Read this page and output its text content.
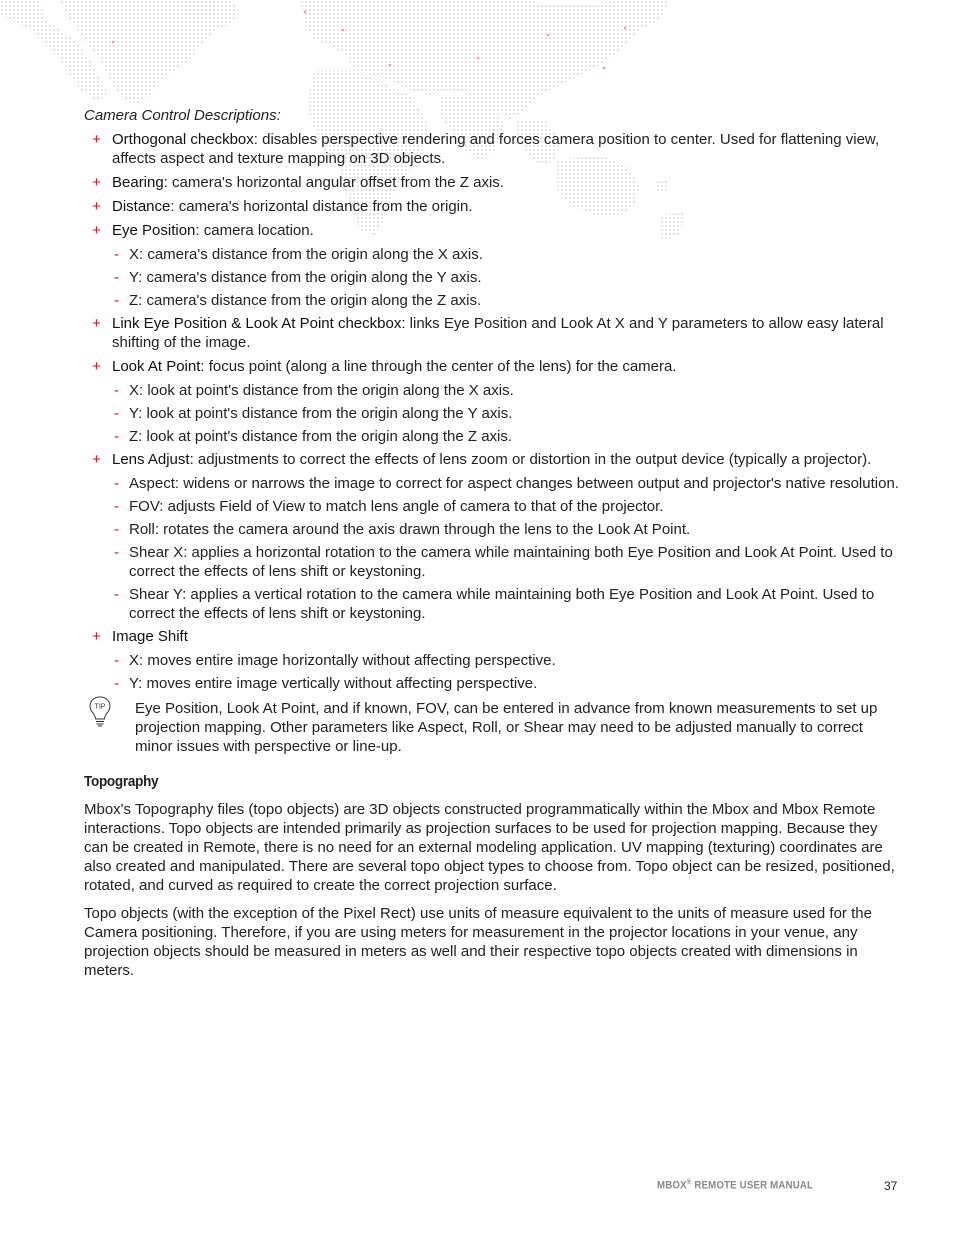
Camera Control Descriptions:

+ Orthogonal checkbox: disables perspective rendering and forces camera position to center. Used for flattening view, affects aspect and texture mapping on 3D objects.
+ Bearing: camera's horizontal angular offset from the Z axis.
+ Distance: camera's horizontal distance from the origin.
+ Eye Position: camera location.
- X: camera's distance from the origin along the X axis.
- Y: camera's distance from the origin along the Y axis.
- Z: camera's distance from the origin along the Z axis.
+ Link Eye Position & Look At Point checkbox: links Eye Position and Look At X and Y parameters to allow easy lateral shifting of the image.
+ Look At Point: focus point (along a line through the center of the lens) for the camera.
- X: look at point's distance from the origin along the X axis.
- Y: look at point's distance from the origin along the Y axis.
- Z: look at point's distance from the origin along the Z axis.
+ Lens Adjust: adjustments to correct the effects of lens zoom or distortion in the output device (typically a projector).
- Aspect: widens or narrows the image to correct for aspect changes between output and projector's native resolution.
- FOV: adjusts Field of View to match lens angle of camera to that of the projector.
- Roll: rotates the camera around the axis drawn through the lens to the Look At Point.
- Shear X: applies a horizontal rotation to the camera while maintaining both Eye Position and Look At Point. Used to correct the effects of lens shift or keystoning.
- Shear Y: applies a vertical rotation to the camera while maintaining both Eye Position and Look At Point. Used to correct the effects of lens shift or keystoning.
+ Image Shift
- X: moves entire image horizontally without affecting perspective.
- Y: moves entire image vertically without affecting perspective.
TIP Eye Position, Look At Point, and if known, FOV, can be entered in advance from known measurements to set up projection mapping. Other parameters like Aspect, Roll, or Shear may need to be adjusted manually to correct minor issues with perspective or line-up.
Topography

Mbox's Topography files (topo objects) are 3D objects constructed programmatically within the Mbox and Mbox Remote interactions. Topo objects are intended primarily as projection surfaces to be used for projection mapping. Because they can be created in Remote, there is no need for an external modeling application. UV mapping (texturing) coordinates are also created and manipulated. There are several topo object types to choose from. Topo object can be resized, positioned, rotated, and curved as required to create the correct projection surface.

Topo objects (with the exception of the Pixel Rect) use units of measure equivalent to the units of measure used for the Camera positioning. Therefore, if you are using meters for measurement in the projector locations in your venue, any projection objects should be measured in meters as well and their respective topo objects created with dimensions in meters.

MBOX® REMOTE USER MANUAL	37
